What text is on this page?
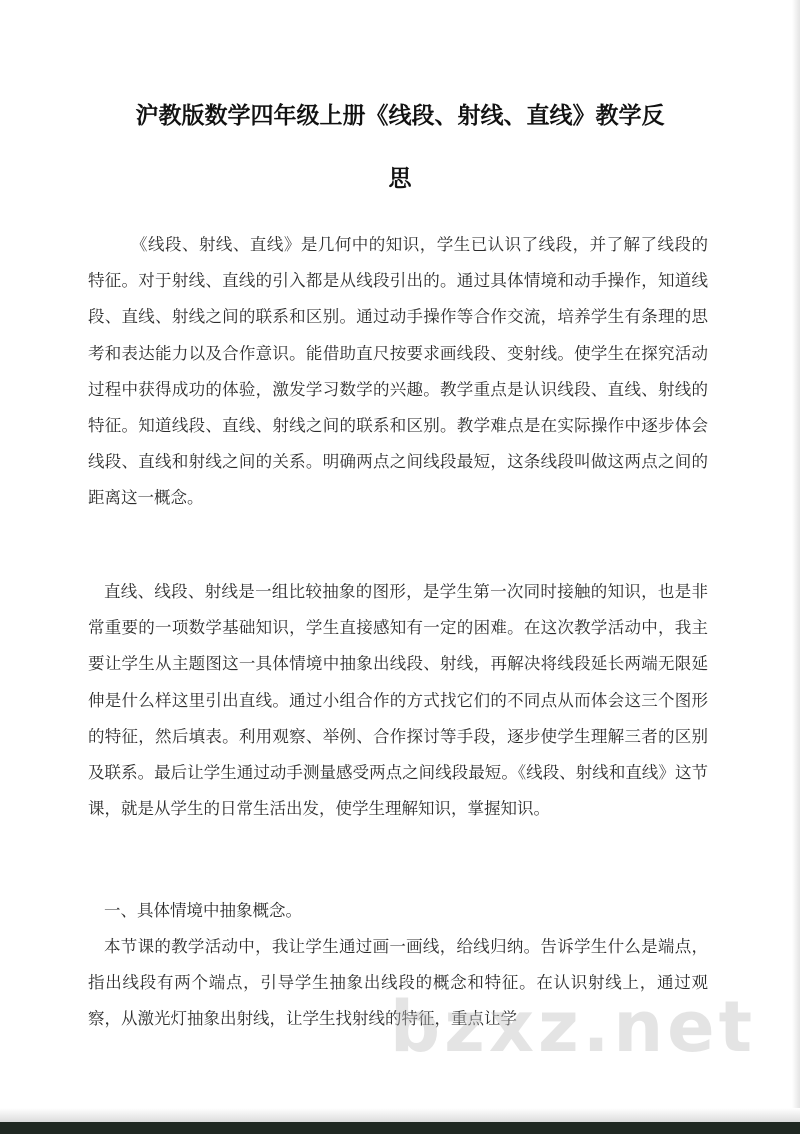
沪教版数学四年级上册《线段、射线、直线》教学反
思

《线段、射线、直线》是几何中的知识，学生已认识了线段，并了解了线段的特征。对于射线、直线的引入都是从线段引出的。通过具体情境和动手操作，知道线段、直线、射线之间的联系和区别。通过动手操作等合作交流，培养学生有条理的思考和表达能力以及合作意识。能借助直尺按要求画线段、变射线。使学生在探究活动过程中获得成功的体验，激发学习数学的兴趣。教学重点是认识线段、直线、射线的特征。知道线段、直线、射线之间的联系和区别。教学难点是在实际操作中逐步体会线段、直线和射线之间的关系。明确两点之间线段最短，这条线段叫做这两点之间的距离这一概念。

直线、线段、射线是一组比较抽象的图形，是学生第一次同时接触的知识，也是非常重要的一项数学基础知识，学生直接感知有一定的困难。在这次教学活动中，我主要让学生从主题图这一具体情境中抽象出线段、射线，再解决将线段延长两端无限延伸是什么样这里引出直线。通过小组合作的方式找它们的不同点从而体会这三个图形的特征，然后填表。利用观察、举例、合作探讨等手段，逐步使学生理解三者的区别及联系。最后让学生通过动手测量感受两点之间线段最短。《线段、射线和直线》这节课，就是从学生的日常生活出发，使学生理解知识，掌握知识。

一、具体情境中抽象概念。

本节课的教学活动中，我让学生通过画一画线，给线归纳。告诉学生什么是端点，指出线段有两个端点，引导学生抽象出线段的概念和特征。在认识射线上，通过观察，从激光灯抽象出射线，让学生找射线的特征，重点让学

bzxz.net
